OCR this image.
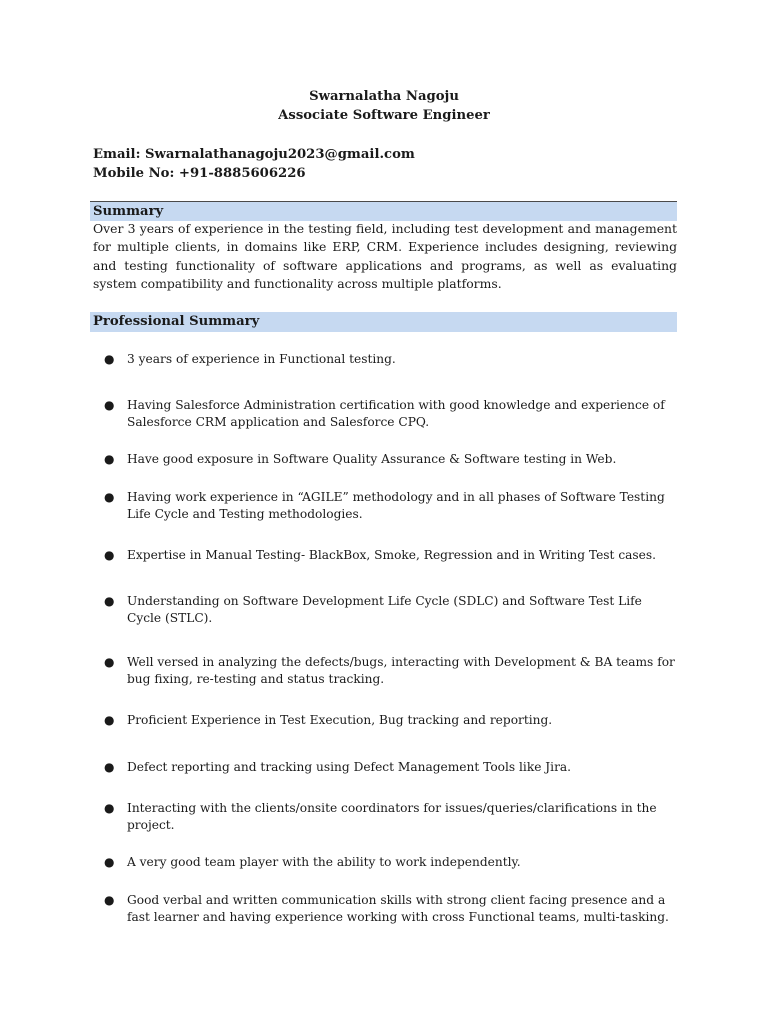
Swarnalatha Nagoju
Associate Software Engineer
Email: Swarnalathanagoju2023@gmail.com
Mobile No: +91-8885606226
Summary
Over 3 years of experience in the testing field, including test development and management for multiple clients, in domains like ERP, CRM. Experience includes designing, reviewing and testing functionality of software applications and programs, as well as evaluating system compatibility and functionality across multiple platforms.
Professional Summary
● 3 years of experience in Functional testing.
● Having Salesforce Administration certification with good knowledge and experience of Salesforce CRM application and Salesforce CPQ.
● Have good exposure in Software Quality Assurance & Software testing in Web.
● Having work experience in “AGILE” methodology and in all phases of Software Testing Life Cycle and Testing methodologies.
● Expertise in Manual Testing- BlackBox, Smoke, Regression and in Writing Test cases.
● Understanding on Software Development Life Cycle (SDLC) and Software Test Life Cycle (STLC).
● Well versed in analyzing the defects/bugs, interacting with Development & BA teams for bug fixing, re-testing and status tracking.
● Proficient Experience in Test Execution, Bug tracking and reporting.
● Defect reporting and tracking using Defect Management Tools like Jira.
● Interacting with the clients/onsite coordinators for issues/queries/clarifications in the project.
● A very good team player with the ability to work independently.
● Good verbal and written communication skills with strong client facing presence and a fast learner and having experience working with cross Functional teams, multi-tasking.
